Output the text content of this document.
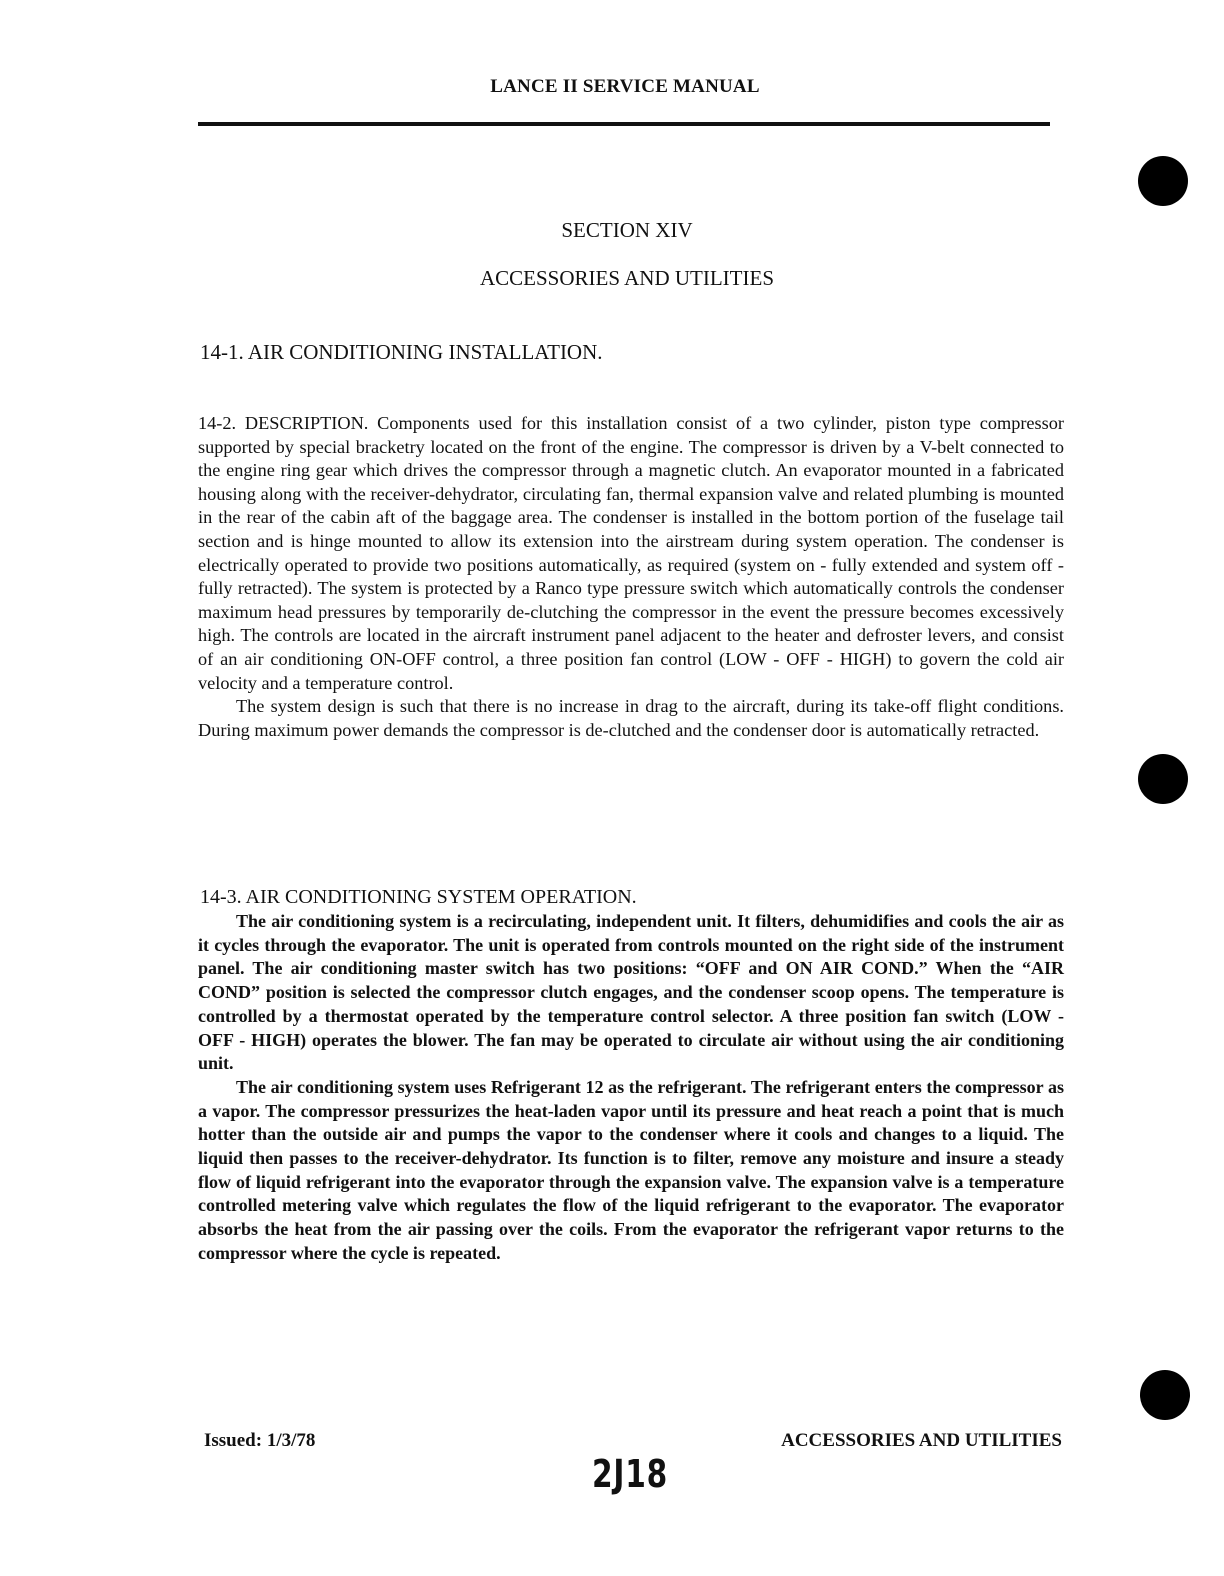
LANCE II SERVICE MANUAL
SECTION XIV
ACCESSORIES AND UTILITIES
14-1. AIR CONDITIONING INSTALLATION.

14-2. DESCRIPTION. Components used for this installation consist of a two cylinder, piston type compressor supported by special bracketry located on the front of the engine. The compressor is driven by a V-belt connected to the engine ring gear which drives the compressor through a magnetic clutch. An evaporator mounted in a fabricated housing along with the receiver-dehydrator, circulating fan, thermal expansion valve and related plumbing is mounted in the rear of the cabin aft of the baggage area. The condenser is installed in the bottom portion of the fuselage tail section and is hinge mounted to allow its extension into the airstream during system operation. The condenser is electrically operated to provide two positions automatically, as required (system on - fully extended and system off - fully retracted). The system is protected by a Ranco type pressure switch which automatically controls the condenser maximum head pressures by temporarily de-clutching the compressor in the event the pressure becomes excessively high. The controls are located in the aircraft instrument panel adjacent to the heater and defroster levers, and consist of an air conditioning ON-OFF control, a three position fan control (LOW - OFF - HIGH) to govern the cold air velocity and a temperature control.

The system design is such that there is no increase in drag to the aircraft, during its take-off flight conditions. During maximum power demands the compressor is de-clutched and the condenser door is automatically retracted.

14-3. AIR CONDITIONING SYSTEM OPERATION.

The air conditioning system is a recirculating, independent unit. It filters, dehumidifies and cools the air as it cycles through the evaporator. The unit is operated from controls mounted on the right side of the instrument panel. The air conditioning master switch has two positions: “OFF and ON AIR COND.” When the “AIR COND” position is selected the compressor clutch engages, and the condenser scoop opens. The temperature is controlled by a thermostat operated by the temperature control selector. A three position fan switch (LOW - OFF - HIGH) operates the blower. The fan may be operated to circulate air without using the air conditioning unit.

The air conditioning system uses Refrigerant 12 as the refrigerant. The refrigerant enters the compressor as a vapor. The compressor pressurizes the heat-laden vapor until its pressure and heat reach a point that is much hotter than the outside air and pumps the vapor to the condenser where it cools and changes to a liquid. The liquid then passes to the receiver-dehydrator. Its function is to filter, remove any moisture and insure a steady flow of liquid refrigerant into the evaporator through the expansion valve. The expansion valve is a temperature controlled metering valve which regulates the flow of the liquid refrigerant to the evaporator. The evaporator absorbs the heat from the air passing over the coils. From the evaporator the refrigerant vapor returns to the compressor where the cycle is repeated.

Issued: 1/3/78	ACCESSORIES AND UTILITIES
2J18
